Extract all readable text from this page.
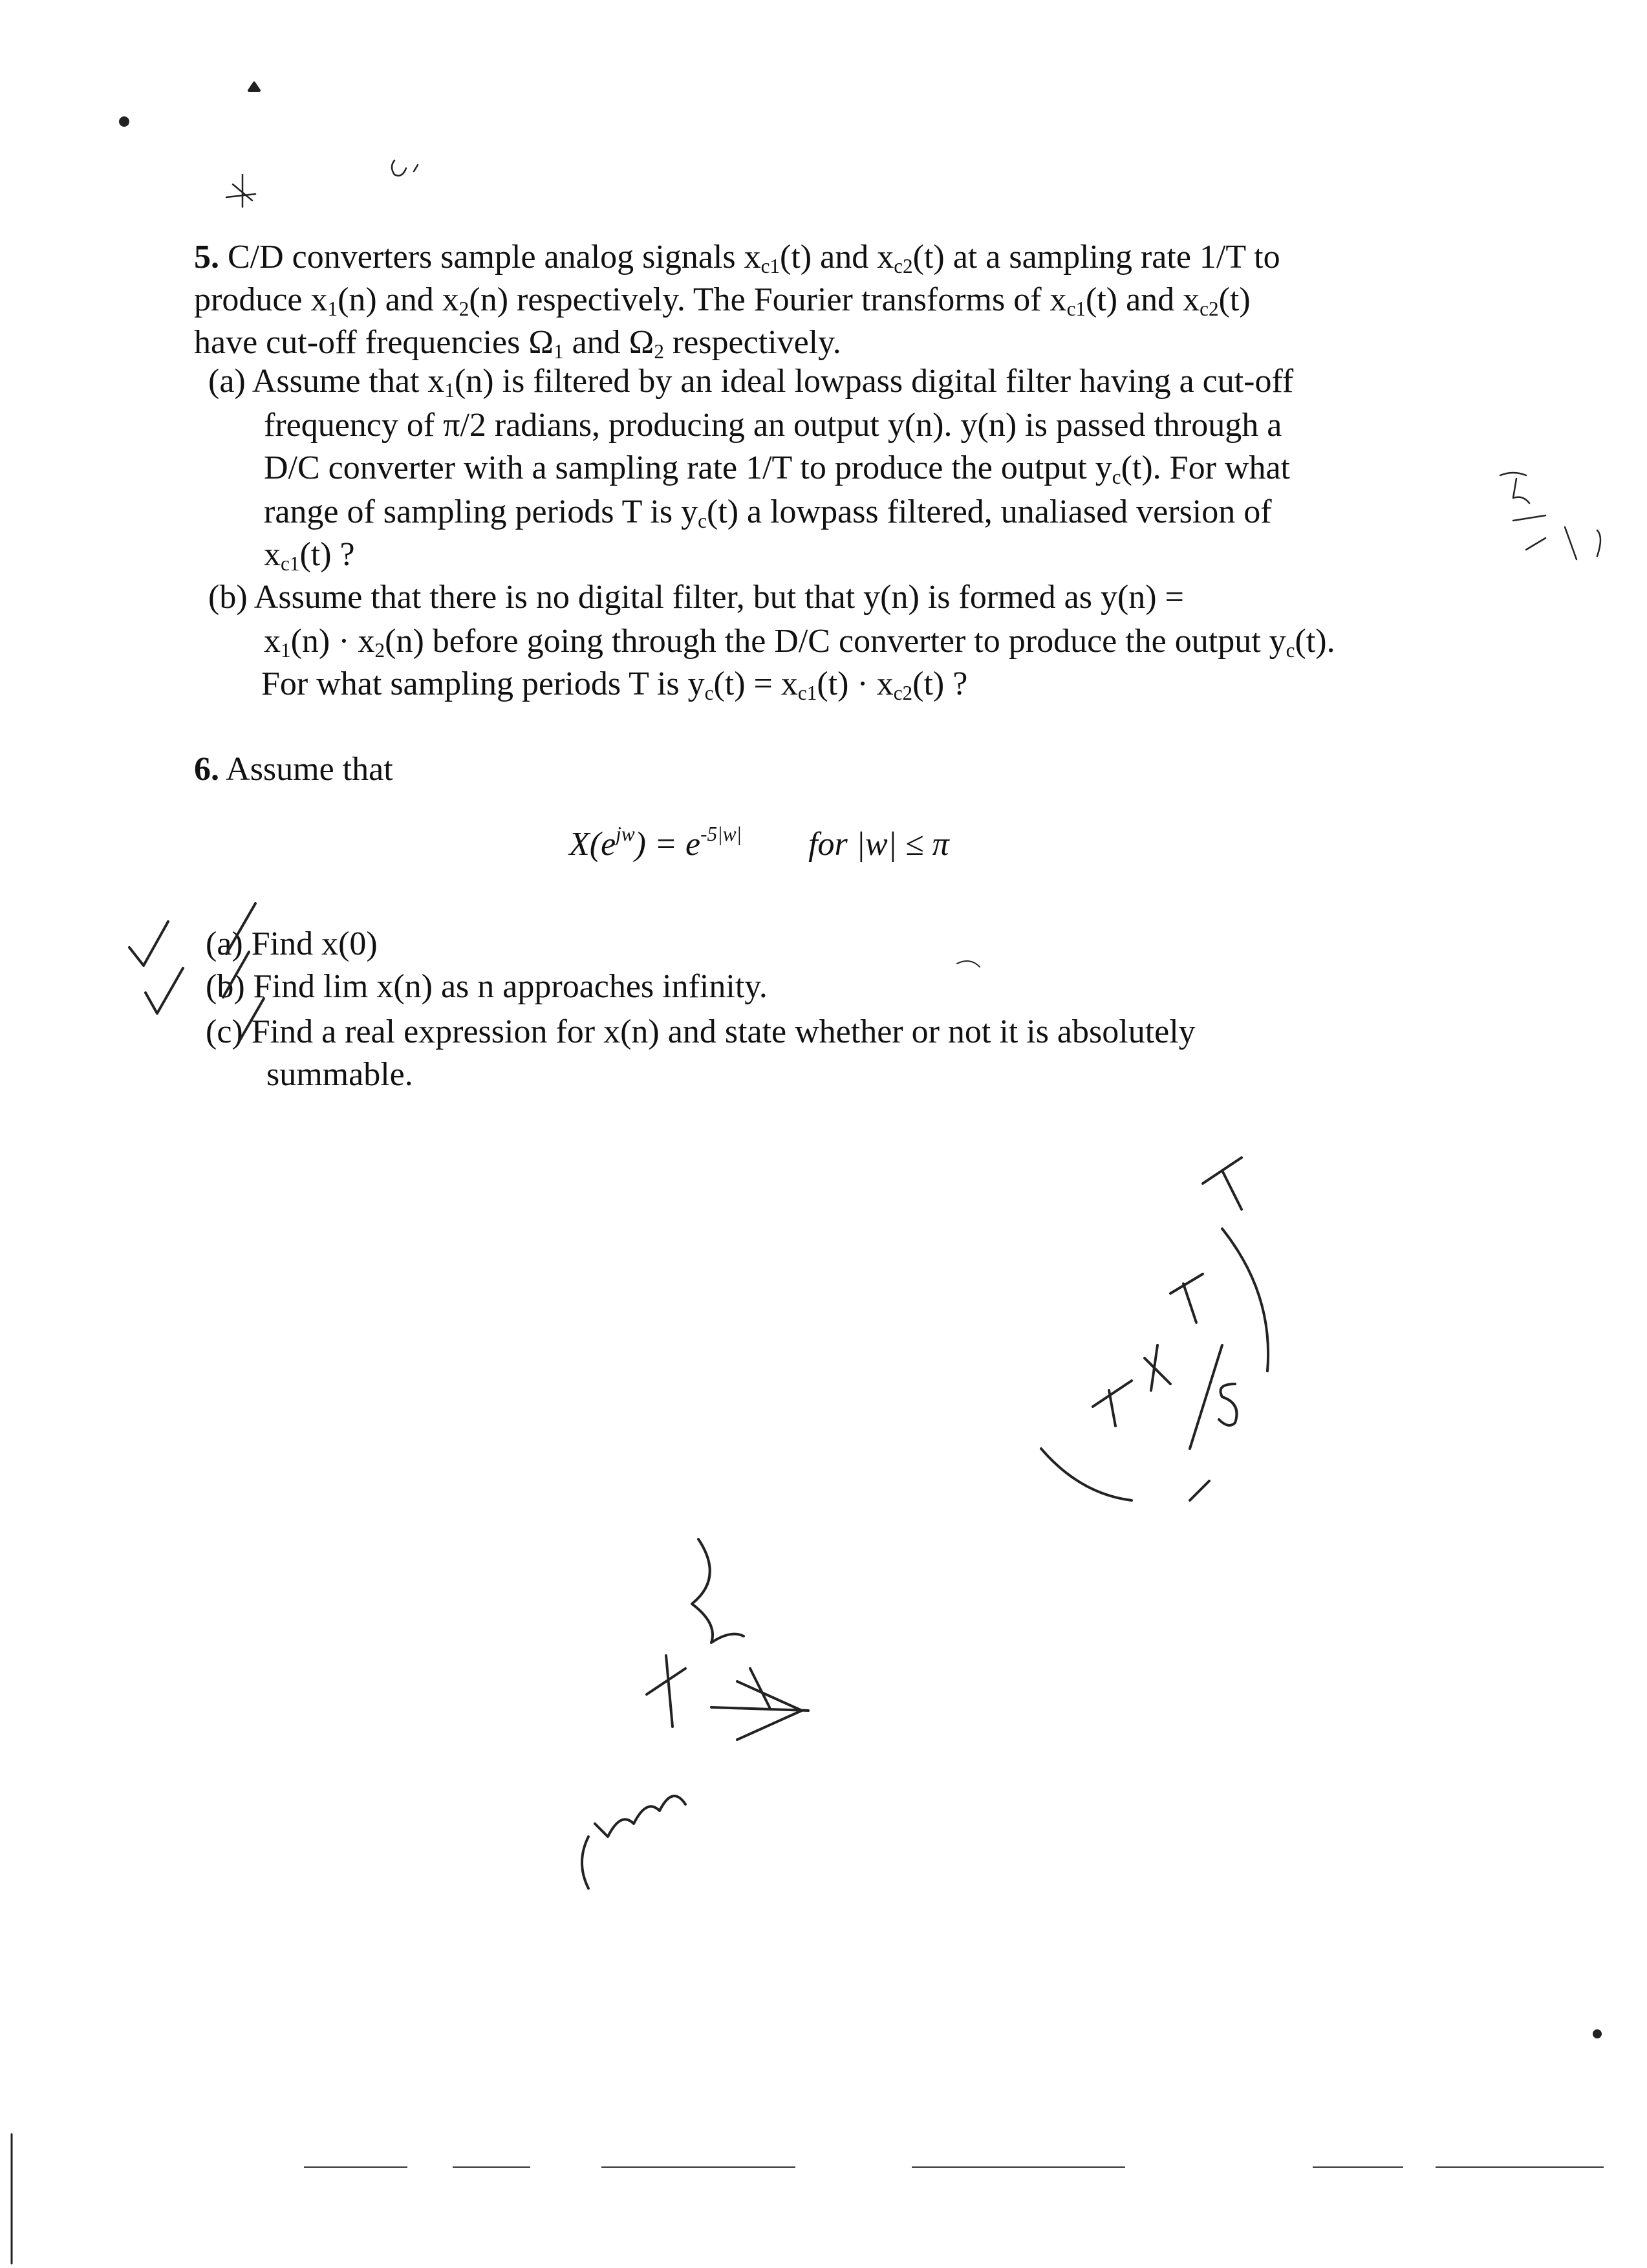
5. C/D converters sample analog signals $x_{c1}(t)$ and $x_{c2}(t)$ at a sampling rate 1/T to
produce $x_1(n)$ and $x_2(n)$ respectively. The Fourier transforms of $x_{c1}(t)$ and $x_{c2}(t)$
have cut-off frequencies $\Omega_1$ and $\Omega_2$ respectively.
(a) Assume that $x_1(n)$ is filtered by an ideal lowpass digital filter having a cut-off
frequency of π/2 radians, producing an output y(n). y(n) is passed through a
D/C converter with a sampling rate 1/T to produce the output $y_c(t)$. For what
range of sampling periods T is $y_c(t)$ a lowpass filtered, unaliased version of
$x_{c1}(t)$ ?
(b) Assume that there is no digital filter, but that y(n) is formed as y(n) =
$x_1(n) \cdot x_2(n)$ before going through the D/C converter to produce the output $y_c(t)$.
For what sampling periods T is $y_c(t) = x_{c1}(t) \cdot x_{c2}(t)$ ?
6. Assume that
$X(e^{jw}) = e^{-5|w|}$ for |w| ≤ π
(a) Find x(0)
(b) Find lim x(n) as n approaches infinity.
(c) Find a real expression for x(n) and state whether or not it is absolutely
summable.
